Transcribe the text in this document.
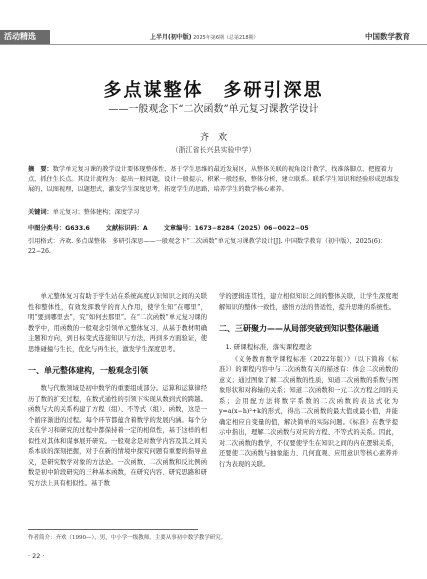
活动精选	上半月(初中版) 2025年第6期（总第218期）	中国数学教育
多点谋整体　多研引深思
——一般观念下“二次函数”单元复习课教学设计
齐　欢
（浙江省长兴县实验中学）
摘　要：数学单元复习课的教学设计要体现整体性、基于学生思维的最近发展区，从整体关联的视角设计教学，找准落脚点，把握着力点，抓住生长点。其设计流程为：提出一般问题，设计一般提示，积累一般经验，整体分析，建立联系。联系学生知识和经验形成思维发展的，以图视理，以题想式，激发学生深度思考，拓宽学生的思路，培养学生的数学核心素养。
关键词：单元复习；整体建构；深度学习
中图分类号：G633.6	文献标识码：A	文章编号：1673−8284（2025）06−0022−05
引用格式：齐欢. 多点谋整体　多研引深思——一般观念下“二次函数”单元复习课教学设计[J]. 中国数学教育（初中版），2025(6)：22−26.

单元整体复习有助于学生站在系统高度认识知识之间的关联性和整体性，有效发挥教学的育人作用，使学生知“在哪里”，明“要到哪里去”，究“如何去那里”。在“二次函数”单元复习课的教学中，用函数的一般观念引领单元整体复习，从基于教材明确主题和方向，到日标变式连接知识与方法，再到多方面验证，使思维碰撞与生长，优化与再生长，激发学生深度思考。

一、单元整体建构，一般观念引领

数与代数领域是初中数学的重要组成部分。运算和运算律经历了数的扩充过程，在数式通性的引领下实现从数到式的跨越。函数与大的关系构建了方程（组）、不等式（组）、函数，这是一个循序渐进的过程。每个环节都蕴含着数学的发展内涵。每个分支在学习和研究的过程中都保持着一定的相似性，基于这样的相似性对其体和谋事展开研究。一般观念是对数学内容及其之间关系本质的深刻把握，对于在新的情境中探究问题有重要的指导意义，是研究数学对象的方法论。一次函数、二次函数和反比例函数是初中阶段研究的三种基本函数，在研究内容、研究思路和研究方法上具有相似性。基于数

学的逻辑连贯性，建立相似知识之间的整体关联，让学生深度理解知识的整体一致性，感悟方法的普适性，提升思维的系统性。

二、三研聚力——从局部突破到知识整体融通
1. 研课程标准，落实课程理念

《义务教育数学课程标准（2022年版）》（以下简称《标准》）的课程内容中与二次函数有关的描述有：体会二次函数的意义；通过图象了解二次函数的性质，知道二次函数的系数与图象形状和对称轴的关系；知道二次函数和一元二次方程之间的关系；会用配方法将数字系数的二次函数的表达式化为y=a(x−h)²+k的形式，得出二次函数的最大值或最小值，并能确定相应自变量的值，解决简单的实际问题。《标准》在教学提示中指出，理解二次函数与对应的方程、不等式的关系。因此，对二次函数的教学，不仅要使学生在知识之间的内在逻辑关系，还要使二次函数与抽象能力、几何直观、应用意识等核心素养并行为表现的关联。

作者简介：齐欢（1990—），男，中小学一级教师，主要从事初中数学教学研究。
· 22 ·
